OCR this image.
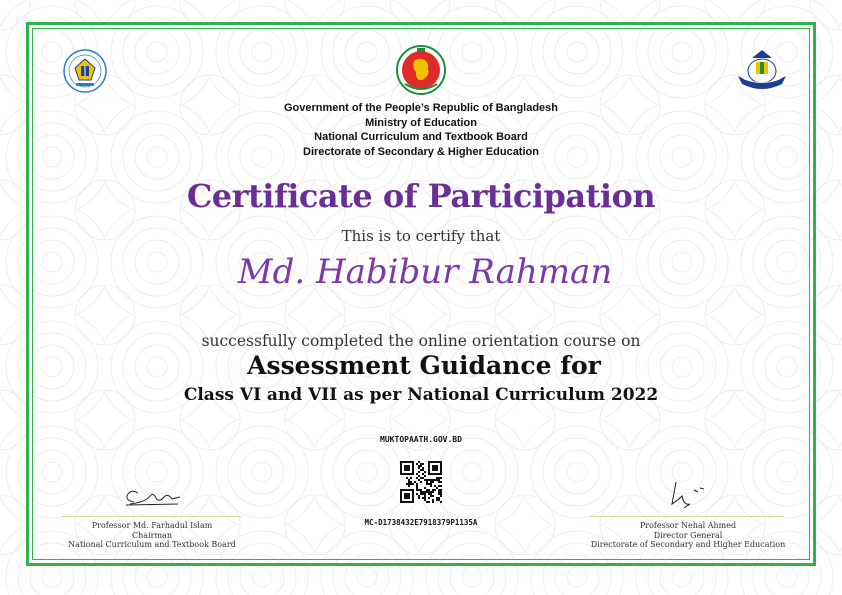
Government of the People’s Republic of Bangladesh
Ministry of Education
National Curriculum and Textbook Board
Directorate of Secondary & Higher Education
Certificate of Participation
This is to certify that
Md. Habibur Rahman
successfully completed the online orientation course on
Assessment Guidance for
Class VI and VII as per National Curriculum 2022
MUKTOPAATH.GOV.BD
MC-D1738432E7918379P1135A
Professor Md. Farhadul Islam
Chairman
National Curriculum and Textbook Board
Professor Nehal Ahmed
Director General
Directorate of Secondary and Higher Education
